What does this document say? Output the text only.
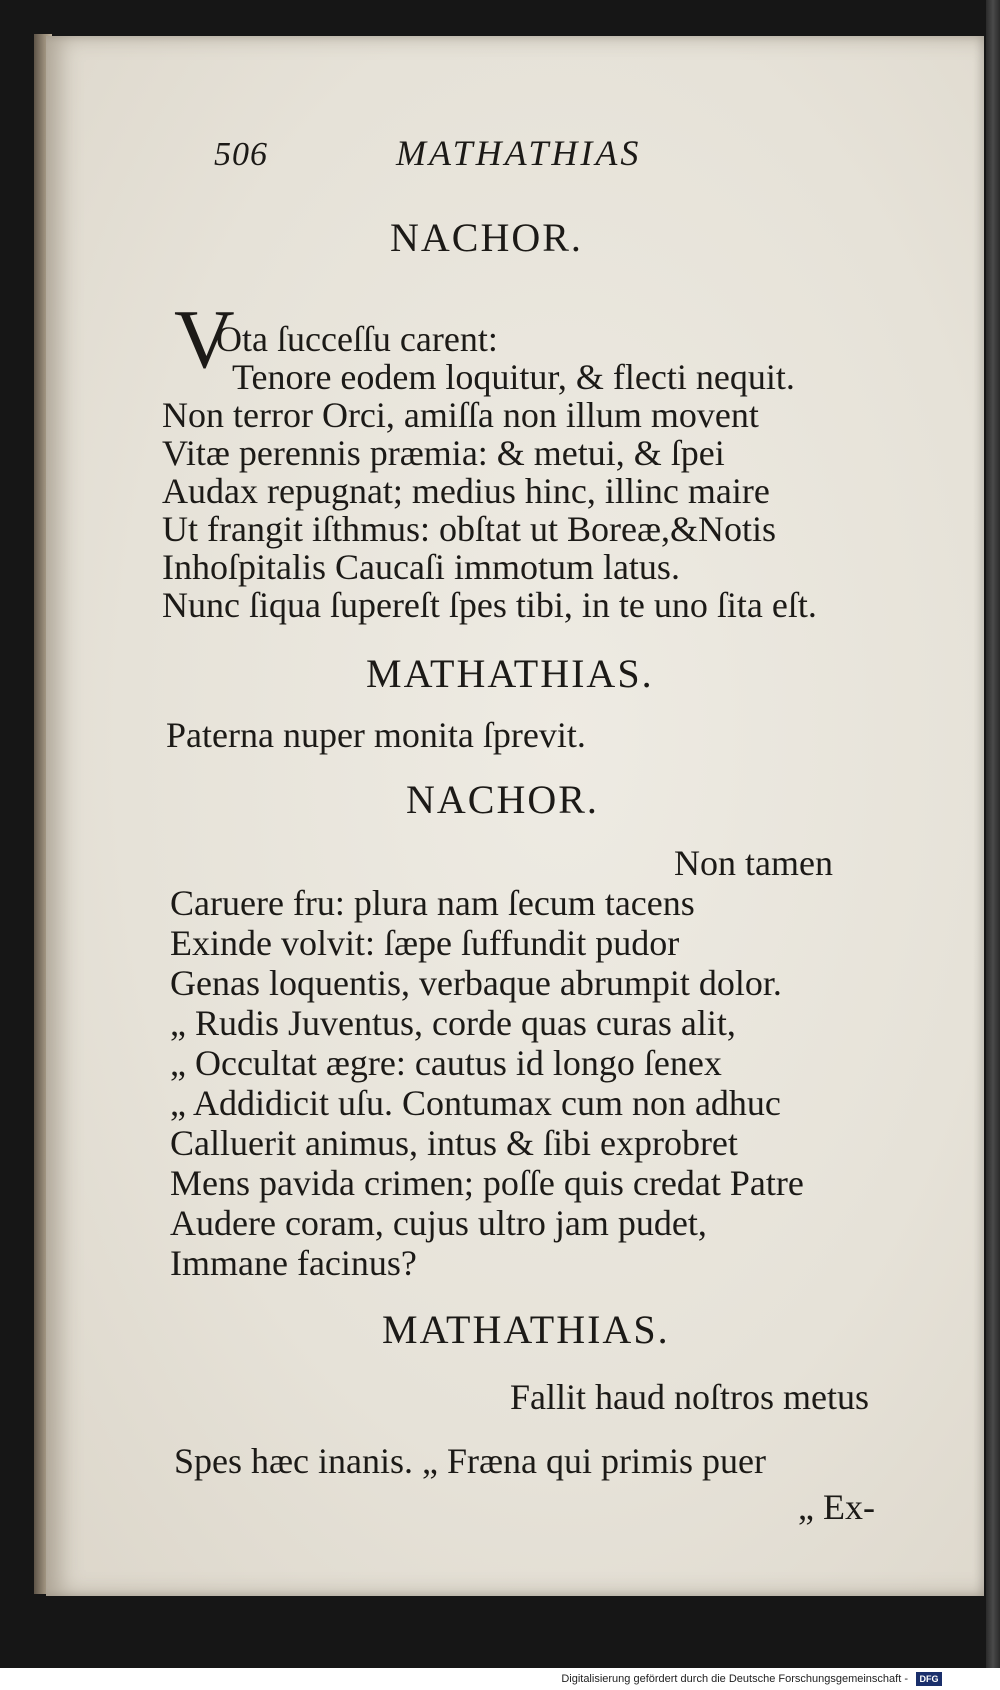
506	MATHATHIAS
NACHOR.
V
Ota ſucceſſu carent:
Tenore eodem loquitur, & flecti nequit.
Non terror Orci, amiſſa non illum movent
Vitæ perennis præmia: & metui, & ſpei
Audax repugnat; medius hinc, illinc maire
Ut frangit iſthmus: obſtat ut Boreæ,&Notis
Inhoſpitalis Caucaſi immotum latus.
Nunc ſiqua ſupereſt ſpes tibi, in te uno ſita eſt.
MATHATHIAS.
Paterna nuper monita ſprevit.
NACHOR.
Non tamen
Caruere fru: plura nam ſecum tacens
Exinde volvit: ſæpe ſuffundit pudor
Genas loquentis, verbaque abrumpit dolor.
„ Rudis Juventus, corde quas curas alit,
„ Occultat ægre: cautus id longo ſenex
„ Addidicit uſu. Contumax cum non adhuc
Calluerit animus, intus & ſibi exprobret
Mens pavida crimen; poſſe quis credat Patre
Audere coram, cujus ultro jam pudet,
Immane facinus?
MATHATHIAS.
Fallit haud noſtros metus
Spes hæc inanis. „ Fræna qui primis puer
„ Ex-
Digitalisierung gefördert durch die Deutsche Forschungsgemeinschaft -	DFG
